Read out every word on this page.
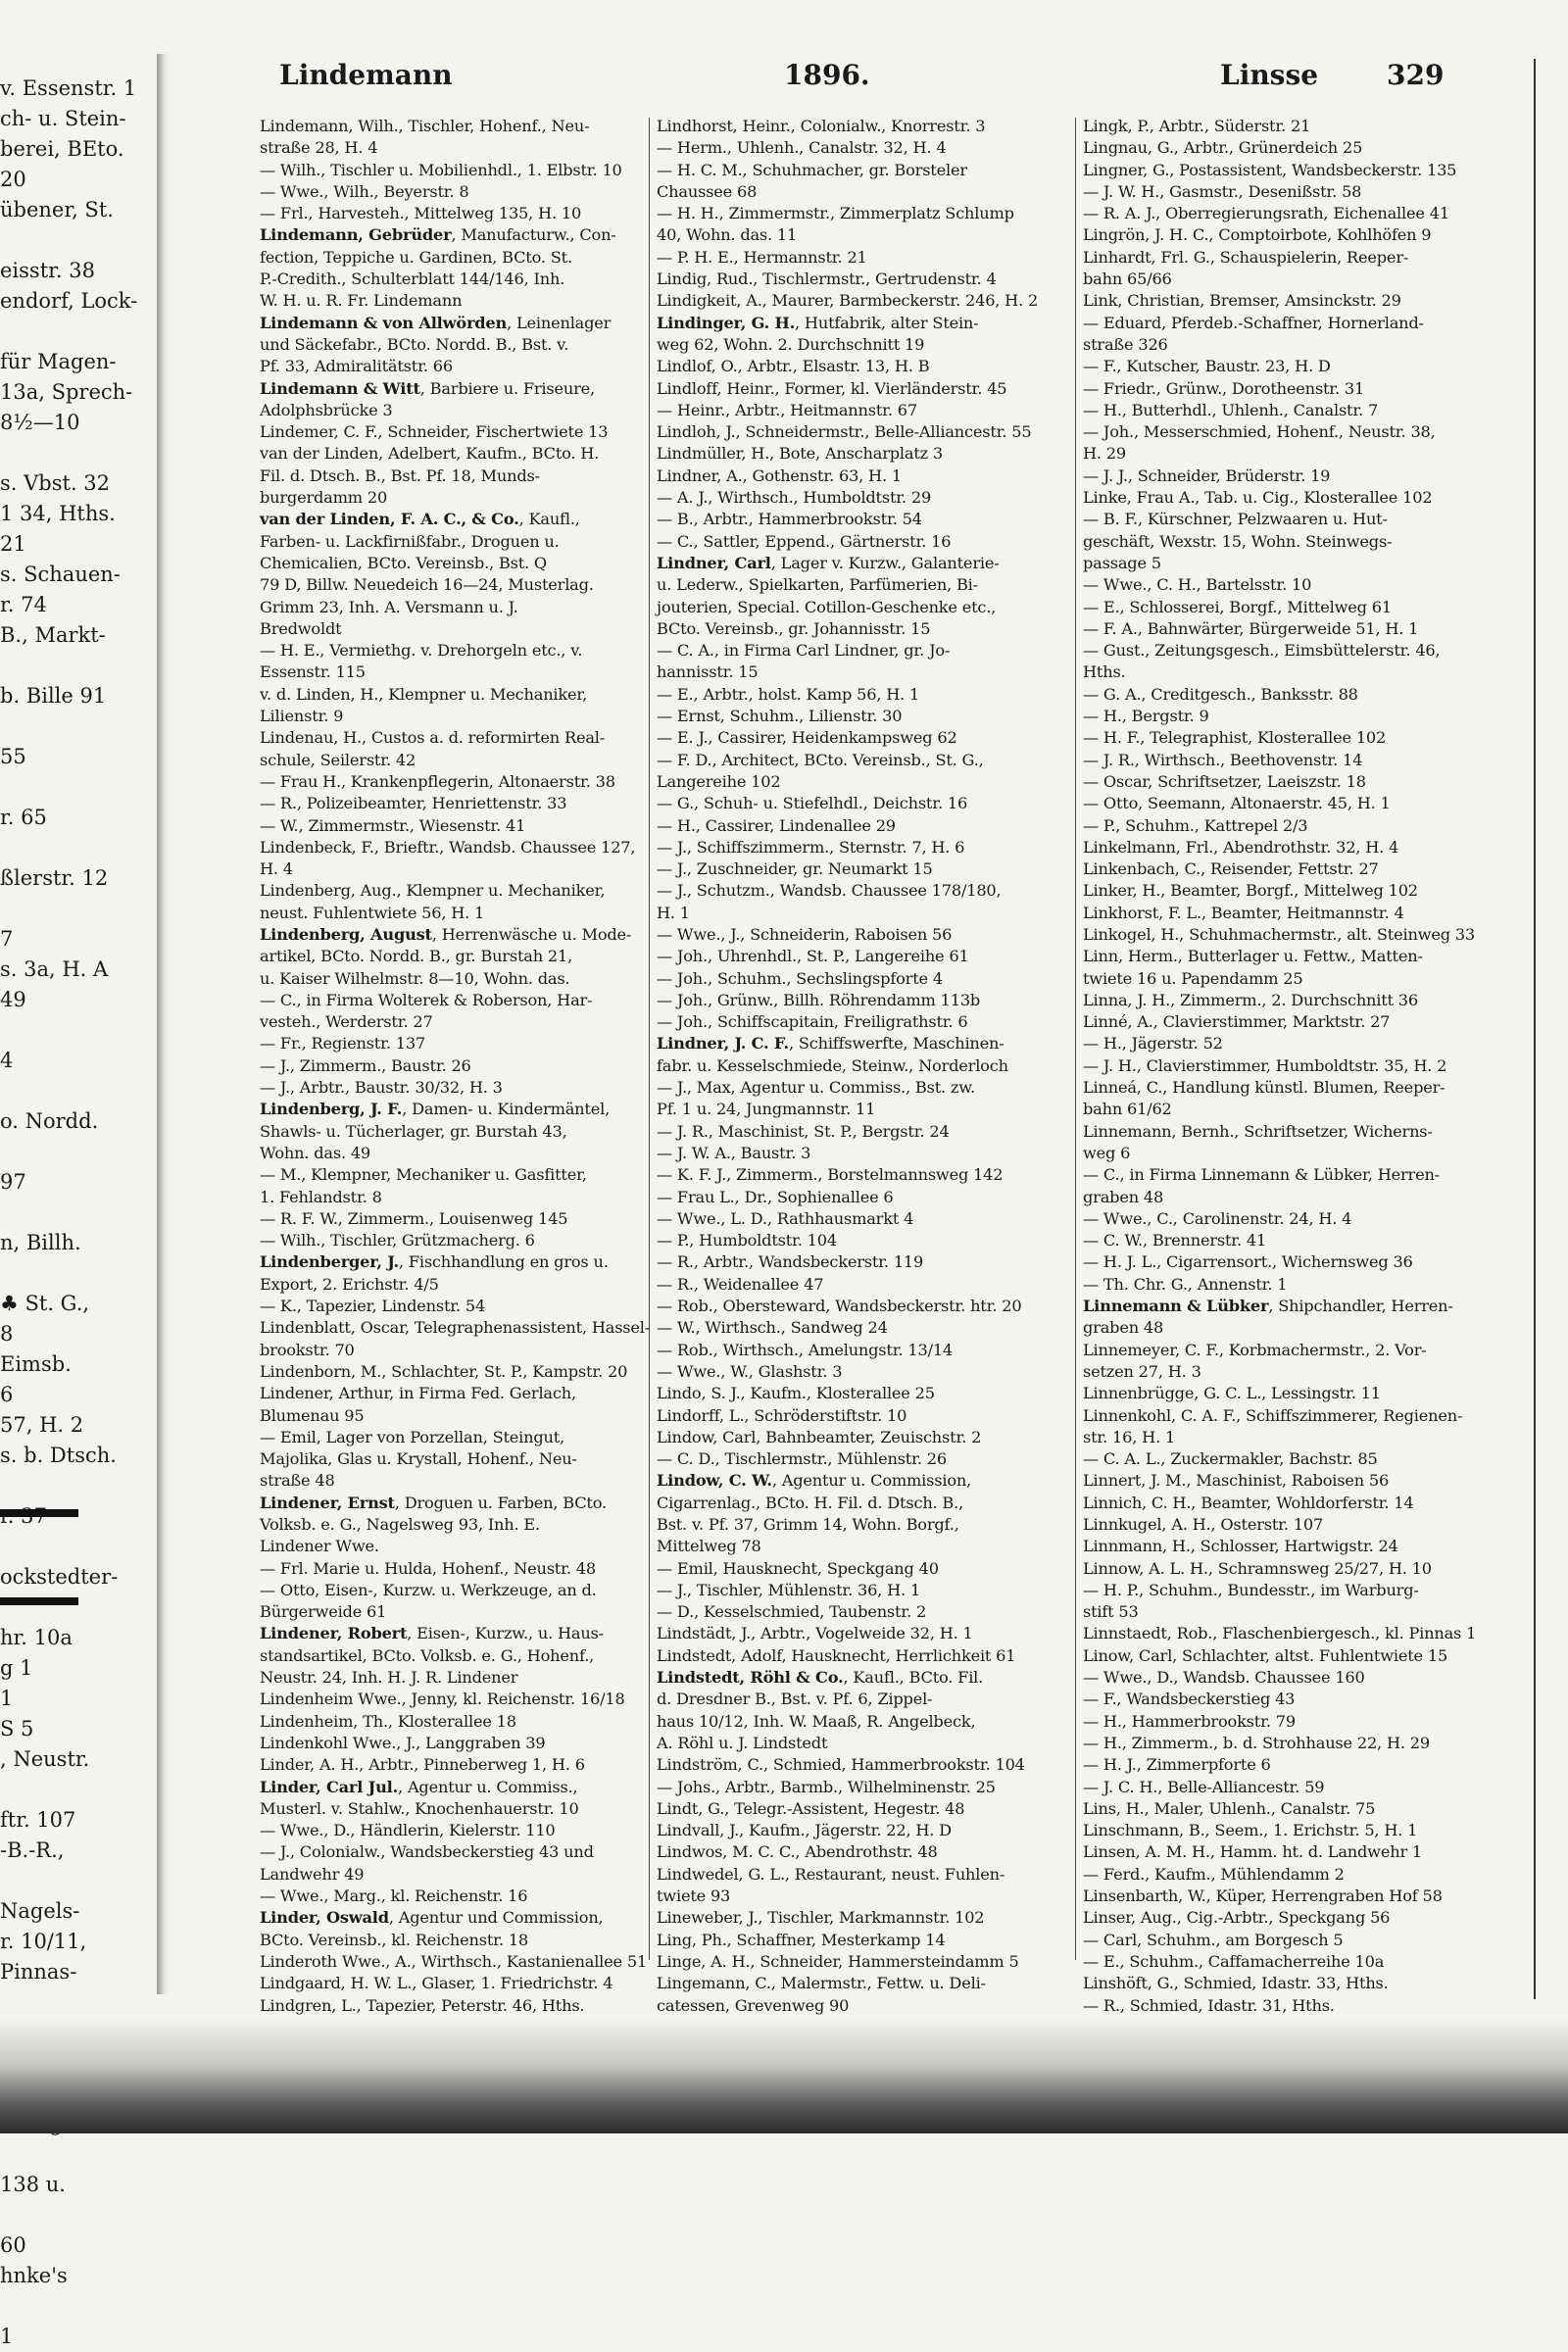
v. Essenstr. 1
ch- u. Stein-
berei, BEto.
20
übener, St.
eisstr. 38
endorf, Lock-
für Magen-
13a, Sprech-
8½—10
s. Vbst. 32
1 34, Hths.
21
s. Schauen-
r. 74
B., Markt-
b. Bille 91
55
r. 65
ßlerstr. 12
7
s. 3a, H. A
49
4
o. Nordd.
97
n, Billh.
♣ St. G.,
8
Eimsb.
6
57, H. 2
s. b. Dtsch.
ockstedter-
hr. 10a
g 1
1
S 5
, Neustr.
ftr. 107
-B.-R.,
Nagels-
r. 10/11,
Pinnas-
138 u.
60
hnke's
1
Lindemann	1896.	Linsse 329
Lindemann, Wilh., Tischler, Hohenf., Neu-
straße 28, H. 4
— Wilh., Tischler u. Mobilienhdl., 1. Elbstr. 10
— Wwe., Wilh., Beyerstr. 8
— Frl., Harvesteh., Mittelweg 135, H. 10
Lindemann, Gebrüder, Manufacturw., Con-
fection, Teppiche u. Gardinen, BCto. St.
P.-Credith., Schulterblatt 144/146, Inh.
W. H. u. R. Fr. Lindemann
Lindemann & von Allwörden, Leinenlager
und Säckefabr., BCto. Nordd. B., Bst. v.
Pf. 33, Admiralitätstr. 66
Lindemann & Witt, Barbiere u. Friseure,
Adolphsbrücke 3
Lindemer, C. F., Schneider, Fischertwiete 13
van der Linden, Adelbert, Kaufm., BCto. H.
Fil. d. Dtsch. B., Bst. Pf. 18, Munds-
burgerdamm 20
van der Linden, F. A. C., & Co., Kaufl.,
Farben- u. Lackfirnißfabr., Droguen u.
Chemicalien, BCto. Vereinsb., Bst. Q
79 D, Billw. Neuedeich 16—24, Musterlag.
Grimm 23, Inh. A. Versmann u. J.
Bredwoldt
— H. E., Vermiethg. v. Drehorgeln etc., v.
Essenstr. 115
v. d. Linden, H., Klempner u. Mechaniker,
Lilienstr. 9
Lindenau, H., Custos a. d. reformirten Real-
schule, Seilerstr. 42
— Frau H., Krankenpflegerin, Altonaerstr. 38
— R., Polizeibeamter, Henriettenstr. 33
— W., Zimmermstr., Wiesenstr. 41
Lindenbeck, F., Brieftr., Wandsb. Chaussee 127,
H. 4
Lindenberg, Aug., Klempner u. Mechaniker,
neust. Fuhlentwiete 56, H. 1
Lindenberg, August, Herrenwäsche u. Mode-
artikel, BCto. Nordd. B., gr. Burstah 21,
u. Kaiser Wilhelmstr. 8—10, Wohn. das.
— C., in Firma Wolterek & Roberson, Har-
vesteh., Werderstr. 27
— Fr., Regienstr. 137
— J., Zimmerm., Baustr. 26
— J., Arbtr., Baustr. 30/32, H. 3
Lindenberg, J. F., Damen- u. Kindermäntel,
Shawls- u. Tücherlager, gr. Burstah 43,
Wohn. das. 49
— M., Klempner, Mechaniker u. Gasfitter,
1. Fehlandstr. 8
— R. F. W., Zimmerm., Louisenweg 145
— Wilh., Tischler, Grützmacherg. 6
Lindenberger, J., Fischhandlung en gros u.
Export, 2. Erichstr. 4/5
— K., Tapezier, Lindenstr. 54
Lindenblatt, Oscar, Telegraphenassistent, Hassel-
brookstr. 70
Lindenborn, M., Schlachter, St. P., Kampstr. 20
Lindener, Arthur, in Firma Fed. Gerlach,
Blumenau 95
— Emil, Lager von Porzellan, Steingut,
Majolika, Glas u. Krystall, Hohenf., Neu-
straße 48
Lindener, Ernst, Droguen u. Farben, BCto.
Volksb. e. G., Nagelsweg 93, Inh. E.
Lindener Wwe.
— Frl. Marie u. Hulda, Hohenf., Neustr. 48
— Otto, Eisen-, Kurzw. u. Werkzeuge, an d.
Bürgerweide 61
Lindener, Robert, Eisen-, Kurzw., u. Haus-
standsartikel, BCto. Volksb. e. G., Hohenf.,
Neustr. 24, Inh. H. J. R. Lindener
Lindenheim Wwe., Jenny, kl. Reichenstr. 16/18
Lindenheim, Th., Klosterallee 18
Lindenkohl Wwe., J., Langgraben 39
Linder, A. H., Arbtr., Pinneberweg 1, H. 6
Linder, Carl Jul., Agentur u. Commiss.,
Musterl. v. Stahlw., Knochenhauerstr. 10
— Wwe., D., Händlerin, Kielerstr. 110
— J., Colonialw., Wandsbeckerstieg 43 und
Landwehr 49
— Wwe., Marg., kl. Reichenstr. 16
Linder, Oswald, Agentur und Commission,
BCto. Vereinsb., kl. Reichenstr. 18
Linderoth Wwe., A., Wirthsch., Kastanienallee 51
Lindgaard, H. W. L., Glaser, 1. Friedrichstr. 4
Lindgren, L., Tapezier, Peterstr. 46, Hths.
Lindhorst, Heinr., Colonialw., Knorrestr. 3
— Herm., Uhlenh., Canalstr. 32, H. 4
— H. C. M., Schuhmacher, gr. Borsteler
Chaussee 68
— H. H., Zimmermstr., Zimmerplatz Schlump
40, Wohn. das. 11
— P. H. E., Hermannstr. 21
Lindig, Rud., Tischlermstr., Gertrudenstr. 4
Lindigkeit, A., Maurer, Barmbeckerstr. 246, H. 2
Lindinger, G. H., Hutfabrik, alter Stein-
weg 62, Wohn. 2. Durchschnitt 19
Lindlof, O., Arbtr., Elsastr. 13, H. B
Lindloff, Heinr., Former, kl. Vierländerstr. 45
— Heinr., Arbtr., Heitmannstr. 67
Lindloh, J., Schneidermstr., Belle-Alliancestr. 55
Lindmüller, H., Bote, Anscharplatz 3
Lindner, A., Gothenstr. 63, H. 1
— A. J., Wirthsch., Humboldtstr. 29
— B., Arbtr., Hammerbrookstr. 54
— C., Sattler, Eppend., Gärtnerstr. 16
Lindner, Carl, Lager v. Kurzw., Galanterie-
u. Lederw., Spielkarten, Parfümerien, Bi-
jouterien, Special. Cotillon-Geschenke etc.,
BCto. Vereinsb., gr. Johannisstr. 15
— C. A., in Firma Carl Lindner, gr. Jo-
hannisstr. 15
— E., Arbtr., holst. Kamp 56, H. 1
— Ernst, Schuhm., Lilienstr. 30
— E. J., Cassirer, Heidenkampsweg 62
— F. D., Architect, BCto. Vereinsb., St. G.,
Langereihe 102
— G., Schuh- u. Stiefelhdl., Deichstr. 16
— H., Cassirer, Lindenallee 29
— J., Schiffszimmerm., Sternstr. 7, H. 6
— J., Zuschneider, gr. Neumarkt 15
— J., Schutzm., Wandsb. Chaussee 178/180,
H. 1
— Wwe., J., Schneiderin, Raboisen 56
— Joh., Uhrenhdl., St. P., Langereihe 61
— Joh., Schuhm., Sechslingspforte 4
— Joh., Grünw., Billh. Röhrendamm 113b
— Joh., Schiffscapitain, Freiligrathstr. 6
Lindner, J. C. F., Schiffswerfte, Maschinen-
fabr. u. Kesselschmiede, Steinw., Norderloch
— J., Max, Agentur u. Commiss., Bst. zw.
Pf. 1 u. 24, Jungmannstr. 11
— J. R., Maschinist, St. P., Bergstr. 24
— J. W. A., Baustr. 3
— K. F. J., Zimmerm., Borstelmannsweg 142
— Frau L., Dr., Sophienallee 6
— Wwe., L. D., Rathhausmarkt 4
— P., Humboldtstr. 104
— R., Arbtr., Wandsbeckerstr. 119
— R., Weidenallee 47
— Rob., Obersteward, Wandsbeckerstr. htr. 20
— W., Wirthsch., Sandweg 24
— Rob., Wirthsch., Amelungstr. 13/14
— Wwe., W., Glashstr. 3
Lindo, S. J., Kaufm., Klosterallee 25
Lindorff, L., Schröderstiftstr. 10
Lindow, Carl, Bahnbeamter, Zeuischstr. 2
— C. D., Tischlermstr., Mühlenstr. 26
Lindow, C. W., Agentur u. Commission,
Cigarrenlag., BCto. H. Fil. d. Dtsch. B.,
Bst. v. Pf. 37, Grimm 14, Wohn. Borgf.,
Mittelweg 78
— Emil, Hausknecht, Speckgang 40
— J., Tischler, Mühlenstr. 36, H. 1
— D., Kesselschmied, Taubenstr. 2
Lindstädt, J., Arbtr., Vogelweide 32, H. 1
Lindstedt, Adolf, Hausknecht, Herrlichkeit 61
Lindstedt, Röhl & Co., Kaufl., BCto. Fil.
d. Dresdner B., Bst. v. Pf. 6, Zippel-
haus 10/12, Inh. W. Maaß, R. Angelbeck,
A. Röhl u. J. Lindstedt
Lindström, C., Schmied, Hammerbrookstr. 104
— Johs., Arbtr., Barmb., Wilhelminenstr. 25
Lindt, G., Telegr.-Assistent, Hegestr. 48
Lindvall, J., Kaufm., Jägerstr. 22, H. D
Lindwos, M. C. C., Abendrothstr. 48
Lindwedel, G. L., Restaurant, neust. Fuhlen-
twiete 93
Lineweber, J., Tischler, Markmannstr. 102
Ling, Ph., Schaffner, Mesterkamp 14
Linge, A. H., Schneider, Hammersteindamm 5
Lingemann, C., Malermstr., Fettw. u. Deli-
catessen, Grevenweg 90
Lingk, P., Arbtr., Süderstr. 21
Lingnau, G., Arbtr., Grünerdeich 25
Lingner, G., Postassistent, Wandsbeckerstr. 135
— J. W. H., Gasmstr., Desenißstr. 58
— R. A. J., Oberregierungsrath, Eichenallee 41
Lingrön, J. H. C., Comptoirbote, Kohlhöfen 9
Linhardt, Frl. G., Schauspielerin, Reeper-
bahn 65/66
Link, Christian, Bremser, Amsinckstr. 29
— Eduard, Pferdeb.-Schaffner, Hornerland-
straße 326
— F., Kutscher, Baustr. 23, H. D
— Friedr., Grünw., Dorotheenstr. 31
— H., Butterhdl., Uhlenh., Canalstr. 7
— Joh., Messerschmied, Hohenf., Neustr. 38,
H. 29
— J. J., Schneider, Brüderstr. 19
Linke, Frau A., Tab. u. Cig., Klosterallee 102
— B. F., Kürschner, Pelzwaaren u. Hut-
geschäft, Wexstr. 15, Wohn. Steinwegs-
passage 5
— Wwe., C. H., Bartelsstr. 10
— E., Schlosserei, Borgf., Mittelweg 61
— F. A., Bahnwärter, Bürgerweide 51, H. 1
— Gust., Zeitungsgesch., Eimsbüttelerstr. 46,
Hths.
— G. A., Creditgesch., Banksstr. 88
— H., Bergstr. 9
— H. F., Telegraphist, Klosterallee 102
— J. R., Wirthsch., Beethovenstr. 14
— Oscar, Schriftsetzer, Laeiszstr. 18
— Otto, Seemann, Altonaerstr. 45, H. 1
— P., Schuhm., Kattrepel 2/3
Linkelmann, Frl., Abendrothstr. 32, H. 4
Linkenbach, C., Reisender, Fettstr. 27
Linker, H., Beamter, Borgf., Mittelweg 102
Linkhorst, F. L., Beamter, Heitmannstr. 4
Linkogel, H., Schuhmachermstr., alt. Steinweg 33
Linn, Herm., Butterlager u. Fettw., Matten-
twiete 16 u. Papendamm 25
Linna, J. H., Zimmerm., 2. Durchschnitt 36
Linné, A., Clavierstimmer, Marktstr. 27
— H., Jägerstr. 52
— J. H., Clavierstimmer, Humboldtstr. 35, H. 2
Linneá, C., Handlung künstl. Blumen, Reeper-
bahn 61/62
Linnemann, Bernh., Schriftsetzer, Wicherns-
weg 6
— C., in Firma Linnemann & Lübker, Herren-
graben 48
— Wwe., C., Carolinenstr. 24, H. 4
— C. W., Brennerstr. 41
— H. J. L., Cigarrensort., Wichernsweg 36
— Th. Chr. G., Annenstr. 1
Linnemann & Lübker, Shipchandler, Herren-
graben 48
Linnemeyer, C. F., Korbmachermstr., 2. Vor-
setzen 27, H. 3
Linnenbrügge, G. C. L., Lessingstr. 11
Linnenkohl, C. A. F., Schiffszimmerer, Regienen-
str. 16, H. 1
— C. A. L., Zuckermakler, Bachstr. 85
Linnert, J. M., Maschinist, Raboisen 56
Linnich, C. H., Beamter, Wohldorferstr. 14
Linnkugel, A. H., Osterstr. 107
Linnmann, H., Schlosser, Hartwigstr. 24
Linnow, A. L. H., Schramnsweg 25/27, H. 10
— H. P., Schuhm., Bundesstr., im Warburg-
stift 53
Linnstaedt, Rob., Flaschenbiergesch., kl. Pinnas 1
Linow, Carl, Schlachter, altst. Fuhlentwiete 15
— Wwe., D., Wandsb. Chaussee 160
— F., Wandsbeckerstieg 43
— H., Hammerbrookstr. 79
— H., Zimmerm., b. d. Strohhause 22, H. 29
— H. J., Zimmerpforte 6
— J. C. H., Belle-Alliancestr. 59
Lins, H., Maler, Uhlenh., Canalstr. 75
Linschmann, B., Seem., 1. Erichstr. 5, H. 1
Linsen, A. M. H., Hamm. ht. d. Landwehr 1
— Ferd., Kaufm., Mühlendamm 2
Linsenbarth, W., Küper, Herrengraben Hof 58
Linser, Aug., Cig.-Arbtr., Speckgang 56
— Carl, Schuhm., am Borgesch 5
— E., Schuhm., Caffamacherreihe 10a
Linshöft, G., Schmied, Idastr. 33, Hths.
— R., Schmied, Idastr. 31, Hths.
